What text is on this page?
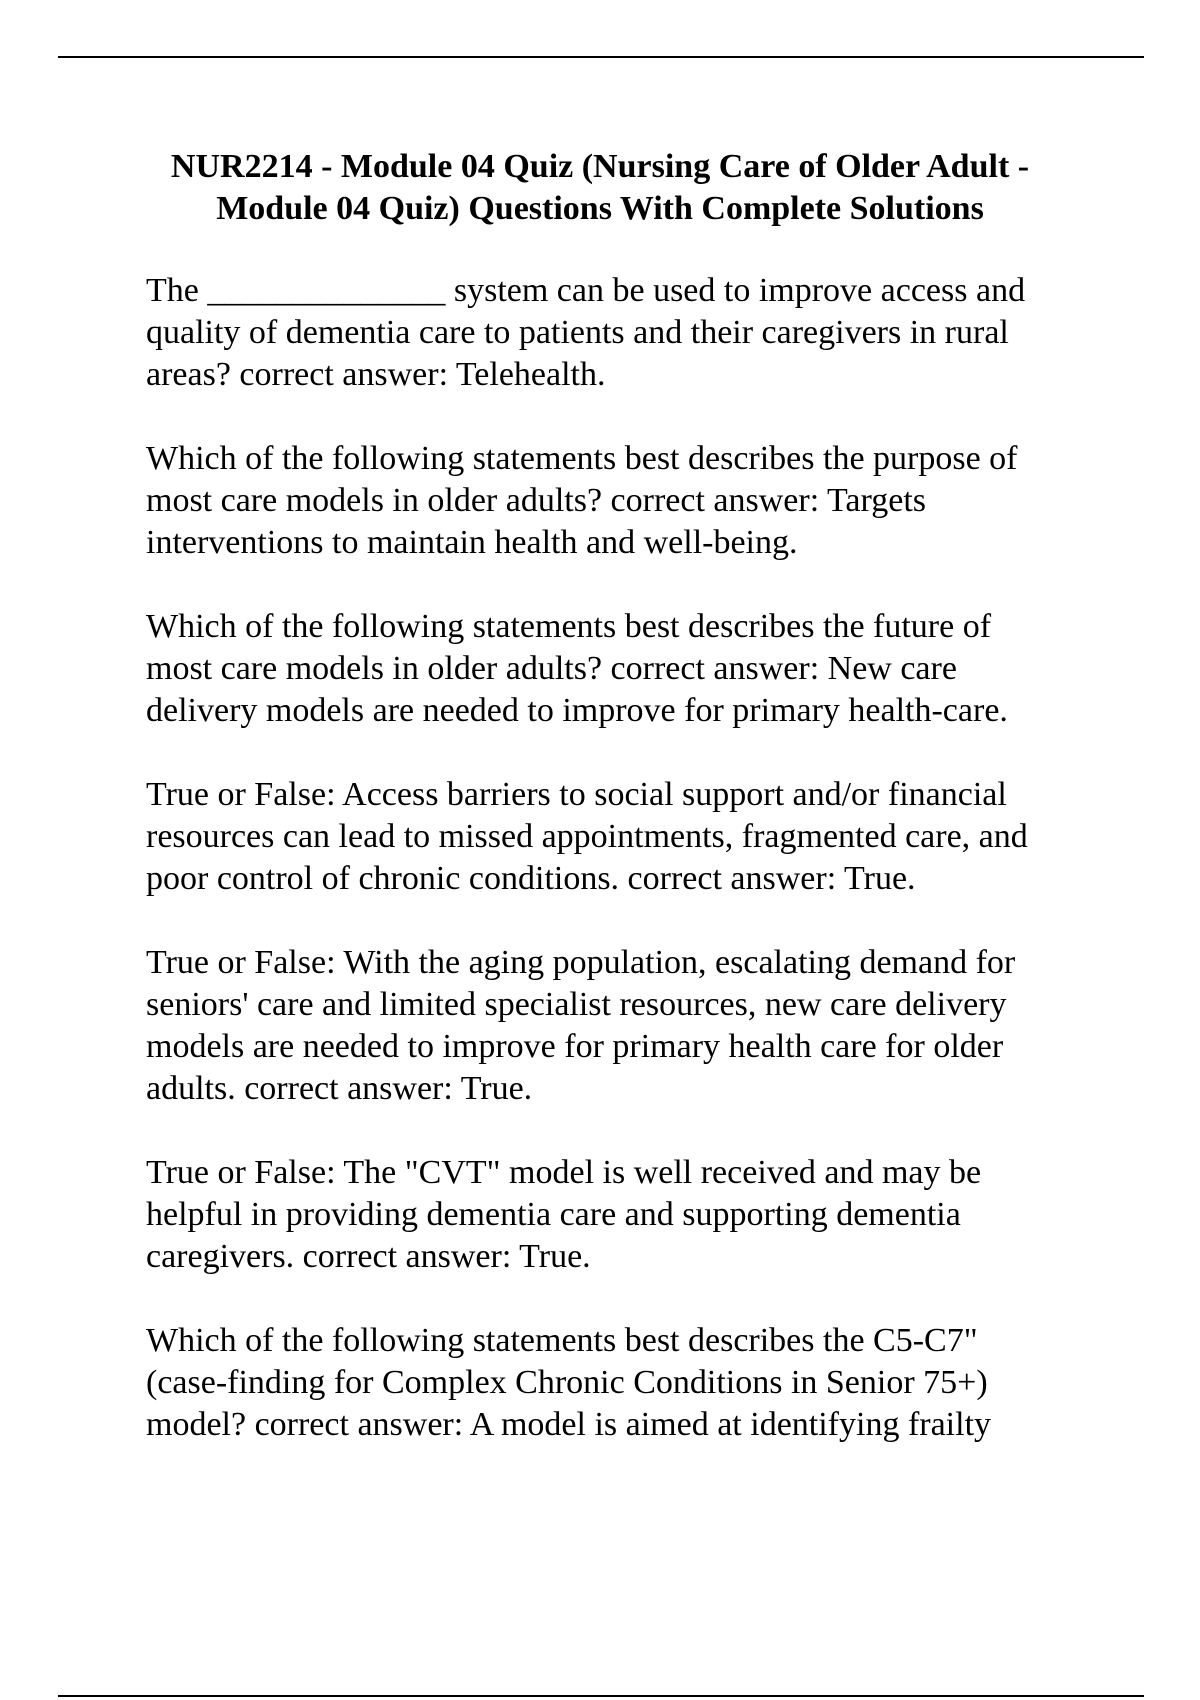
NUR2214 - Module 04 Quiz (Nursing Care of Older Adult -
Module 04 Quiz) Questions With Complete Solutions

The ______________ system can be used to improve access and
quality of dementia care to patients and their caregivers in rural
areas? correct answer: Telehealth.

Which of the following statements best describes the purpose of
most care models in older adults? correct answer: Targets
interventions to maintain health and well-being.

Which of the following statements best describes the future of
most care models in older adults? correct answer: New care
delivery models are needed to improve for primary health-care.

True or False: Access barriers to social support and/or financial
resources can lead to missed appointments, fragmented care, and
poor control of chronic conditions. correct answer: True.

True or False: With the aging population, escalating demand for
seniors' care and limited specialist resources, new care delivery
models are needed to improve for primary health care for older
adults. correct answer: True.

True or False: The "CVT" model is well received and may be
helpful in providing dementia care and supporting dementia
caregivers. correct answer: True.

Which of the following statements best describes the C5-C7"
(case-finding for Complex Chronic Conditions in Senior 75+)
model? correct answer: A model is aimed at identifying frailty
